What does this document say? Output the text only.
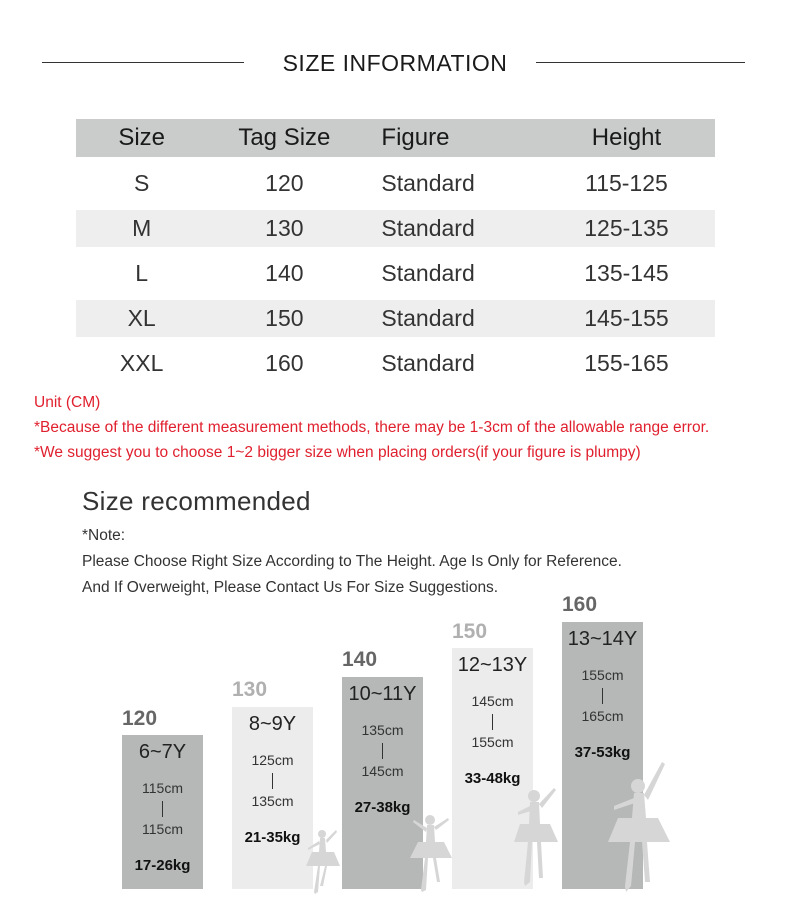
SIZE INFORMATION
Size	Tag Size	Figure	Height
S	120	Standard	115-125
M	130	Standard	125-135
L	140	Standard	135-145
XL	150	Standard	145-155
XXL	160	Standard	155-165
Unit (CM)
*Because of the different measurement methods, there may be 1-3cm of the allowable range error.
*We suggest you to choose 1~2 bigger size when placing orders(if your figure is plumpy)
Size recommended
*Note:
Please Choose Right Size According to The Height. Age Is Only for Reference.
And If Overweight, Please Contact Us For Size Suggestions.
120
6~7Y
115cm
115cm
17-26kg
130
8~9Y
125cm
135cm
21-35kg
140
10~11Y
135cm
145cm
27-38kg
150
12~13Y
145cm
155cm
33-48kg
160
13~14Y
155cm
165cm
37-53kg
